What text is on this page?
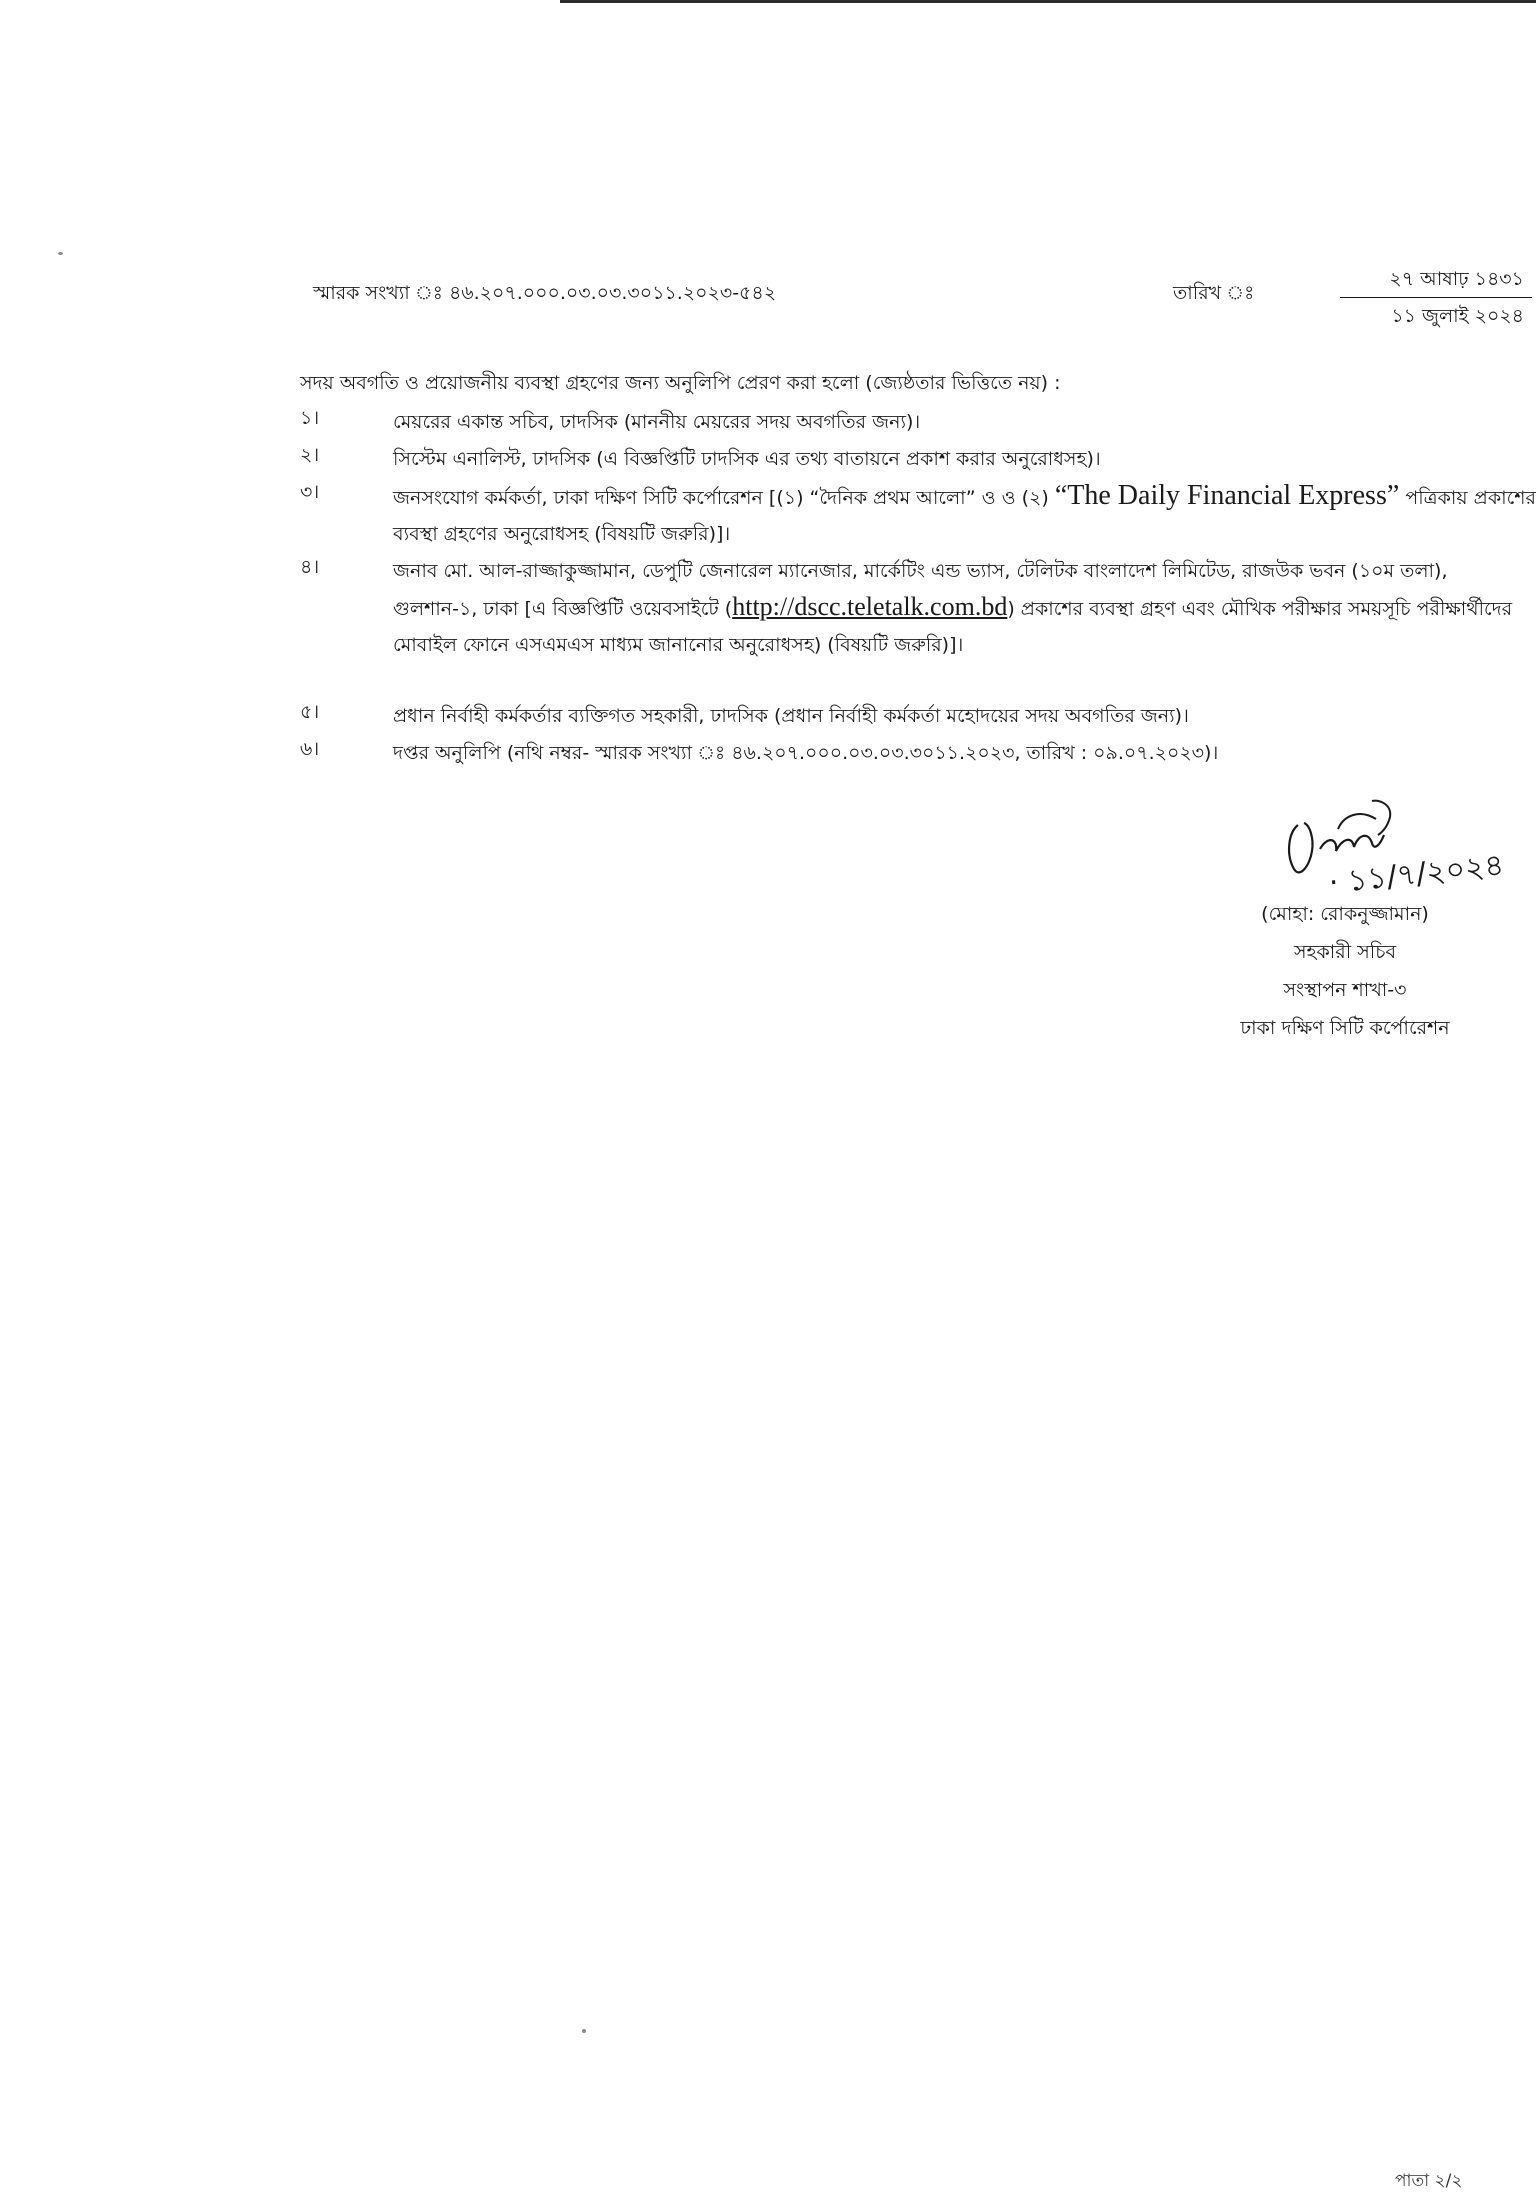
স্মারক সংখ্যা ঃ ৪৬.২০৭.০০০.০৩.০৩.৩০১১.২০২৩-৫৪২	তারিখ ঃ
২৭ আষাঢ় ১৪৩১
১১ জুলাই ২০২৪
সদয় অবগতি ও প্রয়োজনীয় ব্যবস্থা গ্রহণের জন্য অনুলিপি প্রেরণ করা হলো (জ্যেষ্ঠতার ভিত্তিতে নয়) :
১।	মেয়রের একান্ত সচিব, ঢাদসিক (মাননীয় মেয়রের সদয় অবগতির জন্য)।
২।	সিস্টেম এনালিস্ট, ঢাদসিক (এ বিজ্ঞপ্তিটি ঢাদসিক এর তথ্য বাতায়নে প্রকাশ করার অনুরোধসহ)।
৩।	জনসংযোগ কর্মকর্তা, ঢাকা দক্ষিণ সিটি কর্পোরেশন [(১) “দৈনিক প্রথম আলো” ও ও (২) “The Daily Financial Express” পত্রিকায় প্রকাশের ব্যবস্থা গ্রহণের অনুরোধসহ (বিষয়টি জরুরি)]।
৪।	জনাব মো. আল-রাজ্জাকুজ্জামান, ডেপুটি জেনারেল ম্যানেজার, মার্কেটিং এন্ড ভ্যাস, টেলিটক বাংলাদেশ লিমিটেড, রাজউক ভবন (১০ম তলা), গুলশান-১, ঢাকা [এ বিজ্ঞপ্তিটি ওয়েবসাইটে (http://dscc.teletalk.com.bd) প্রকাশের ব্যবস্থা গ্রহণ এবং মৌখিক পরীক্ষার সময়সূচি পরীক্ষার্থীদের মোবাইল ফোনে এসএমএস মাধ্যম জানানোর অনুরোধসহ) (বিষয়টি জরুরি)]।
৫।	প্রধান নির্বাহী কর্মকর্তার ব্যক্তিগত সহকারী, ঢাদসিক (প্রধান নির্বাহী কর্মকর্তা মহোদয়ের সদয় অবগতির জন্য)।
৬।	দপ্তর অনুলিপি (নথি নম্বর- স্মারক সংখ্যা ঃ ৪৬.২০৭.০০০.০৩.০৩.৩০১১.২০২৩, তারিখ : ০৯.০৭.২০২৩)।
· ১১/৭/২০২৪
(মোহা: রোকনুজ্জামান)
সহকারী সচিব
সংস্থাপন শাখা-৩
ঢাকা দক্ষিণ সিটি কর্পোরেশন
পাতা ২/২
